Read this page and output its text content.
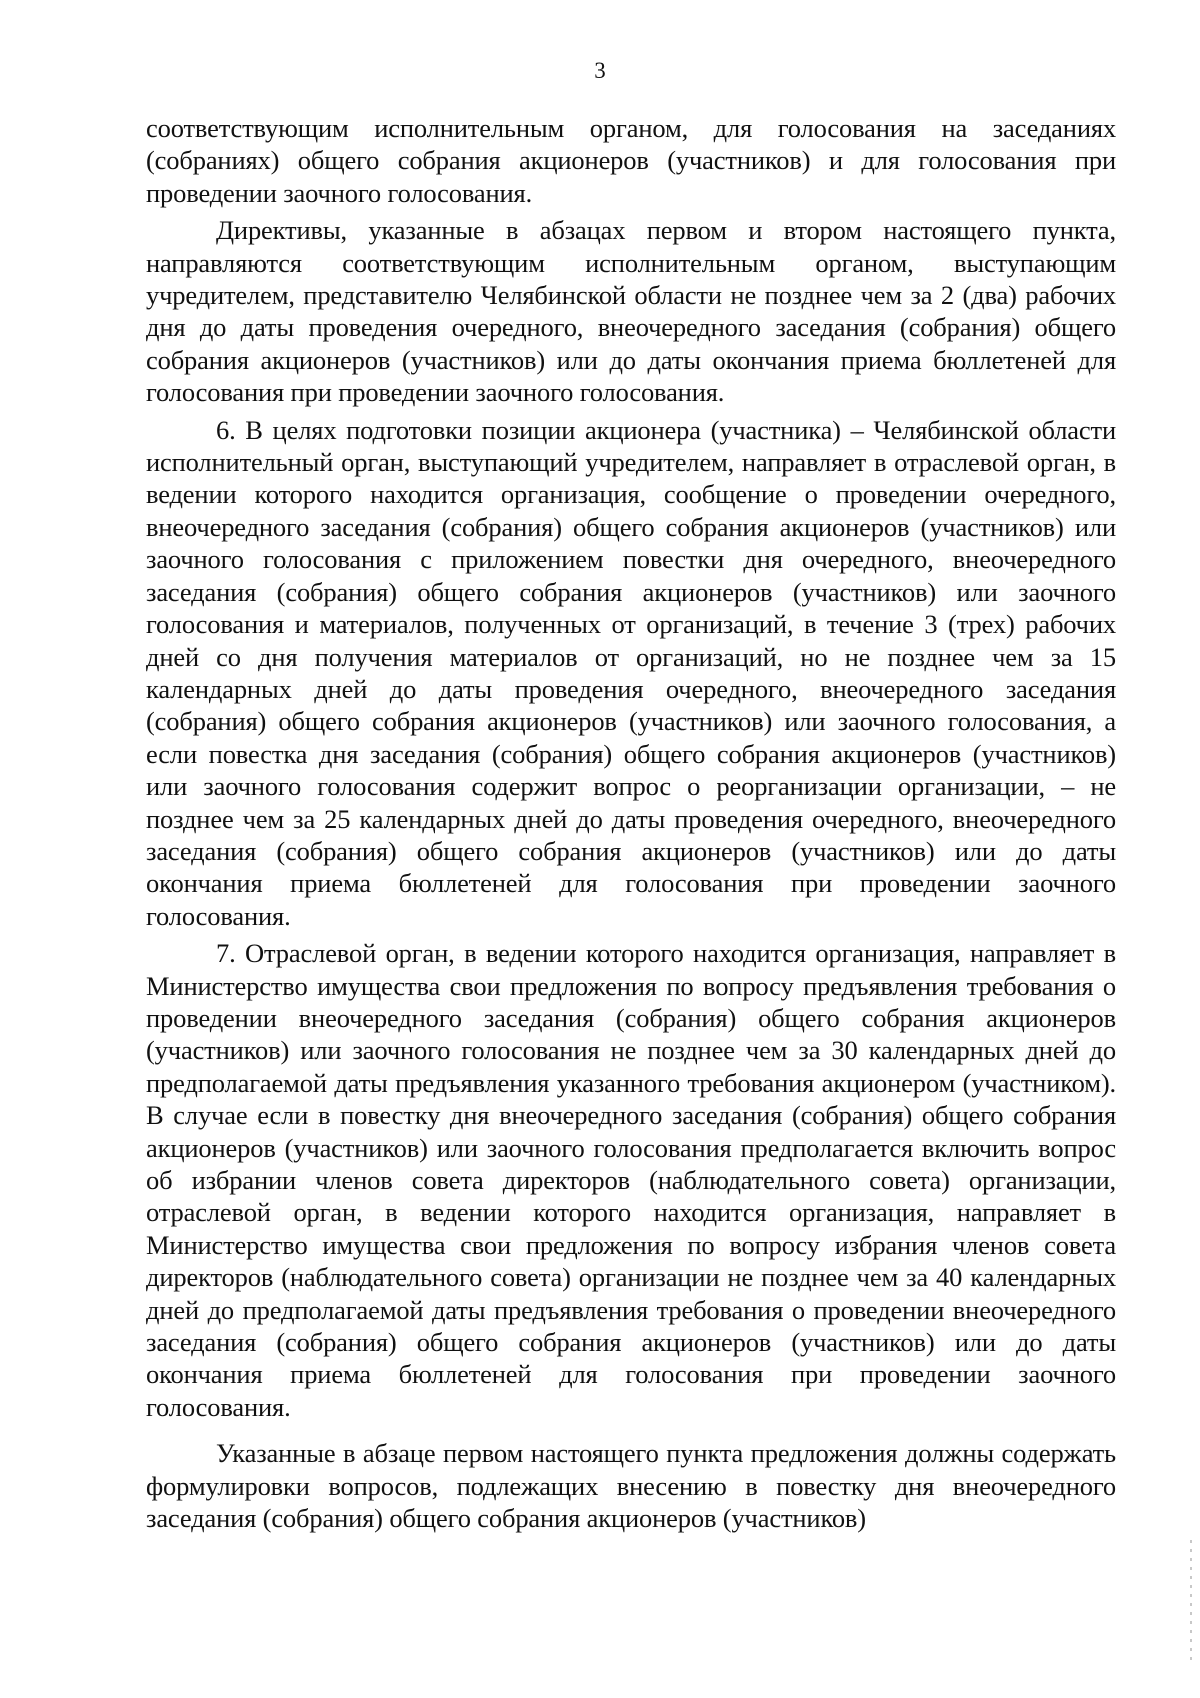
3

соответствующим исполнительным органом, для голосования на заседаниях (собраниях) общего собрания акционеров (участников) и для голосования при проведении заочного голосования.

Директивы, указанные в абзацах первом и втором настоящего пункта, направляются соответствующим исполнительным органом, выступающим учредителем, представителю Челябинской области не позднее чем за 2 (два) рабочих дня до даты проведения очередного, внеочередного заседания (собрания) общего собрания акционеров (участников) или до даты окончания приема бюллетеней для голосования при проведении заочного голосования.

6. В целях подготовки позиции акционера (участника) – Челябинской области исполнительный орган, выступающий учредителем, направляет в отраслевой орган, в ведении которого находится организация, сообщение о проведении очередного, внеочередного заседания (собрания) общего собрания акционеров (участников) или заочного голосования с приложением повестки дня очередного, внеочередного заседания (собрания) общего собрания акционеров (участников) или заочного голосования и материалов, полученных от организаций, в течение 3 (трех) рабочих дней со дня получения материалов от организаций, но не позднее чем за 15 календарных дней до даты проведения очередного, внеочередного заседания (собрания) общего собрания акционеров (участников) или заочного голосования, а если повестка дня заседания (собрания) общего собрания акционеров (участников) или заочного голосования содержит вопрос о реорганизации организации, – не позднее чем за 25 календарных дней до даты проведения очередного, внеочередного заседания (собрания) общего собрания акционеров (участников) или до даты окончания приема бюллетеней для голосования при проведении заочного голосования.

7. Отраслевой орган, в ведении которого находится организация, направляет в Министерство имущества свои предложения по вопросу предъявления требования о проведении внеочередного заседания (собрания) общего собрания акционеров (участников) или заочного голосования не позднее чем за 30 календарных дней до предполагаемой даты предъявления указанного требования акционером (участником). В случае если в повестку дня внеочередного заседания (собрания) общего собрания акционеров (участников) или заочного голосования предполагается включить вопрос об избрании членов совета директоров (наблюдательного совета) организации, отраслевой орган, в ведении которого находится организация, направляет в Министерство имущества свои предложения по вопросу избрания членов совета директоров (наблюдательного совета) организации не позднее чем за 40 календарных дней до предполагаемой даты предъявления требования о проведении внеочередного заседания (собрания) общего собрания акционеров (участников) или до даты окончания приема бюллетеней для голосования при проведении заочного голосования.

Указанные в абзаце первом настоящего пункта предложения должны содержать формулировки вопросов, подлежащих внесению в повестку дня внеочередного заседания (собрания) общего собрания акционеров (участников)
